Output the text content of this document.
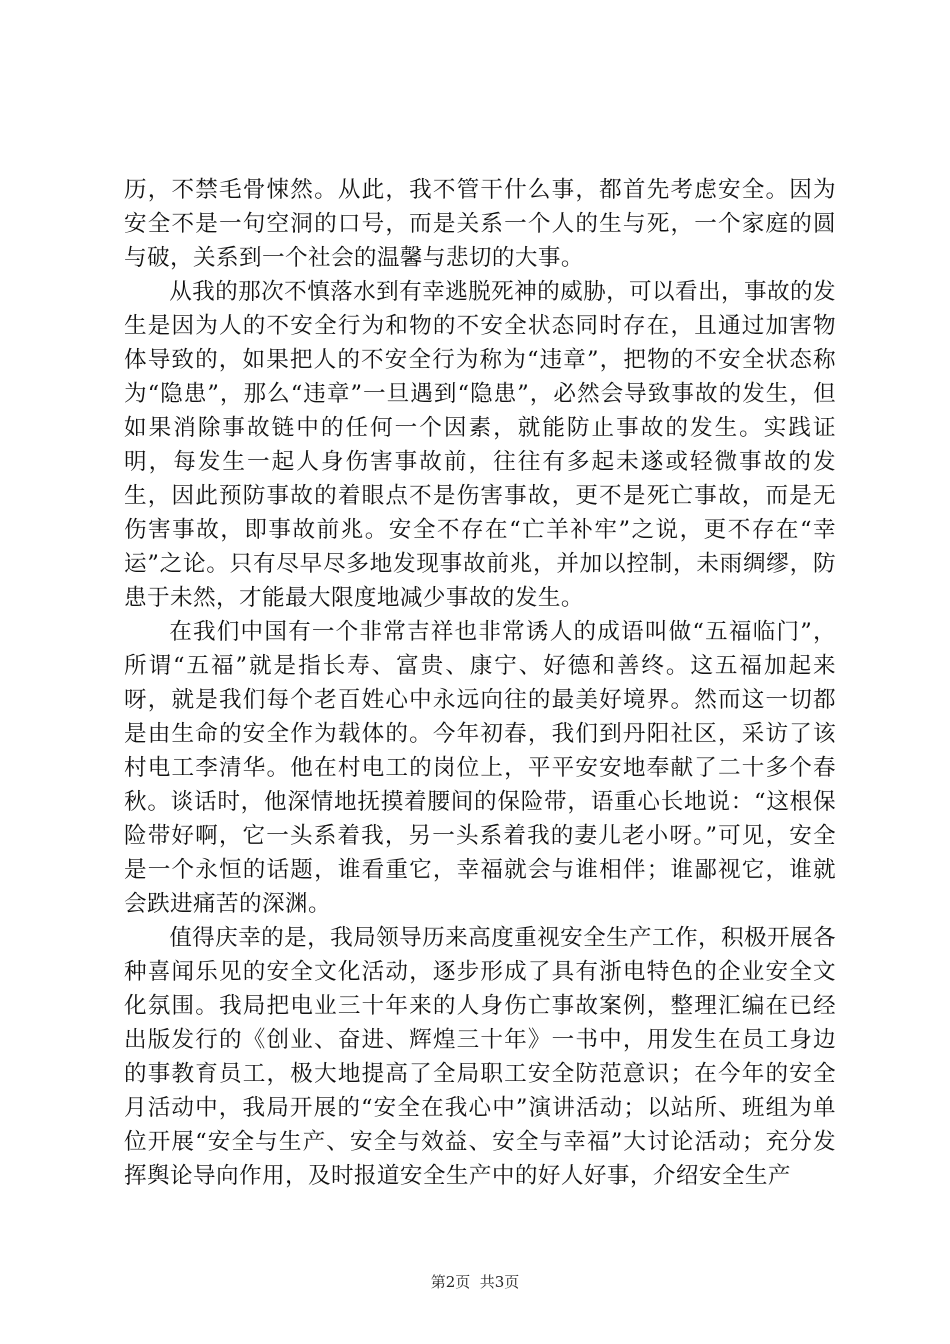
历，不禁毛骨悚然。从此，我不管干什么事，都首先考虑安全。因为安全不是一句空洞的口号，而是关系一个人的生与死，一个家庭的圆与破，关系到一个社会的温馨与悲切的大事。

从我的那次不慎落水到有幸逃脱死神的威胁，可以看出，事故的发生是因为人的不安全行为和物的不安全状态同时存在，且通过加害物体导致的，如果把人的不安全行为称为“违章”，把物的不安全状态称为“隐患”，那么“违章”一旦遇到“隐患”，必然会导致事故的发生，但如果消除事故链中的任何一个因素，就能防止事故的发生。实践证明，每发生一起人身伤害事故前，往往有多起未遂或轻微事故的发生，因此预防事故的着眼点不是伤害事故，更不是死亡事故，而是无伤害事故，即事故前兆。安全不存在“亡羊补牢”之说，更不存在“幸运”之论。只有尽早尽多地发现事故前兆，并加以控制，未雨绸缪，防患于未然，才能最大限度地减少事故的发生。

在我们中国有一个非常吉祥也非常诱人的成语叫做“五福临门”，所谓“五福”就是指长寿、富贵、康宁、好德和善终。这五福加起来呀，就是我们每个老百姓心中永远向往的最美好境界。然而这一切都是由生命的安全作为载体的。今年初春，我们到丹阳社区，采访了该村电工李清华。他在村电工的岗位上，平平安安地奉献了二十多个春秋。谈话时，他深情地抚摸着腰间的保险带，语重心长地说：“这根保险带好啊，它一头系着我，另一头系着我的妻儿老小呀。”可见，安全是一个永恒的话题，谁看重它，幸福就会与谁相伴；谁鄙视它，谁就会跌进痛苦的深渊。

值得庆幸的是，我局领导历来高度重视安全生产工作，积极开展各种喜闻乐见的安全文化活动，逐步形成了具有浙电特色的企业安全文化氛围。我局把电业三十年来的人身伤亡事故案例，整理汇编在已经出版发行的《创业、奋进、辉煌三十年》一书中，用发生在员工身边的事教育员工，极大地提高了全局职工安全防范意识；在今年的安全月活动中，我局开展的“安全在我心中”演讲活动；以站所、班组为单位开展“安全与生产、安全与效益、安全与幸福”大讨论活动；充分发挥舆论导向作用，及时报道安全生产中的好人好事，介绍安全生产

第2页  共3页
